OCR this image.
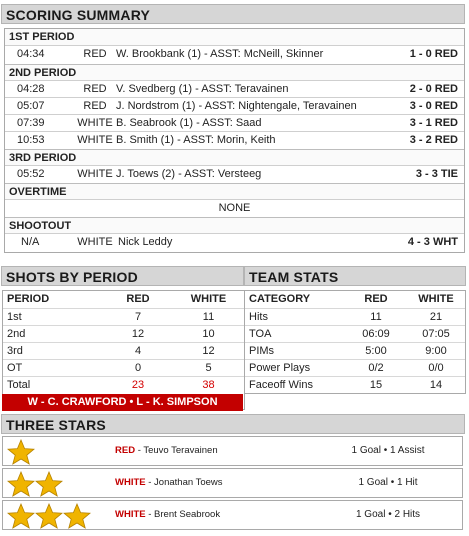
SCORING SUMMARY
1ST PERIOD
04:34	RED W. Brookbank (1) - ASST: McNeill, Skinner	1 - 0 RED
2ND PERIOD
04:28	RED V. Svedberg (1) - ASST: Teravainen	2 - 0 RED
05:07	RED J. Nordstrom (1) - ASST: Nightengale, Teravainen	3 - 0 RED
07:39	WHITE B. Seabrook (1) - ASST: Saad	3 - 1 RED
10:53	WHITE B. Smith (1) - ASST: Morin, Keith	3 - 2 RED
3RD PERIOD
05:52	WHITE J. Toews (2) - ASST: Versteeg	3 - 3 TIE
OVERTIME
NONE
SHOOTOUT
N/A	WHITE Nick Leddy	4 - 3 WHT
SHOTS BY PERIOD
PERIOD	RED	WHITE
1st	7	11
2nd	12	10
3rd	4	12
OT	0	5
Total	23	38
W - C. CRAWFORD • L - K. SIMPSON
TEAM STATS
CATEGORY	RED	WHITE
Hits	11	21
TOA	06:09	07:05
PIMs	5:00	9:00
Power Plays	0/2	0/0
Faceoff Wins	15	14
THREE STARS
RED - Teuvo Teravainen	1 Goal • 1 Assist
WHITE - Jonathan Toews	1 Goal • 1 Hit
WHITE - Brent Seabrook	1 Goal • 2 Hits
